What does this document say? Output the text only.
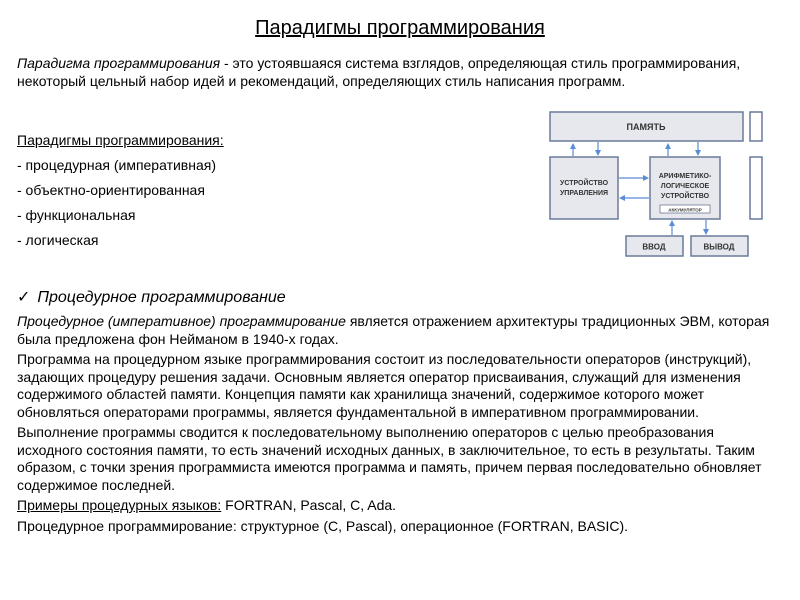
Парадигмы программирования
Парадигма программирования - это устоявшаяся система взглядов, определяющая стиль программирования, некоторый цельный набор идей и рекомендаций, определяющих стиль написания программ.
Парадигмы программирования:
- процедурная (императивная)
- объектно-ориентированная
- функциональная
- логическая
ПАМЯТЬ
УСТРОЙСТВО
УПРАВЛЕНИЯ
АРИФМЕТИКО-
ЛОГИЧЕСКОЕ
УСТРОЙСТВО
АККУМУЛЯТОР
ВВОД	ВЫВОД
✓ Процедурное программирование

Процедурное (императивное) программирование является отражением архитектуры традиционных ЭВМ, которая была предложена фон Нейманом в 1940-х годах.

Программа на процедурном языке программирования состоит из последовательности операторов (инструкций), задающих процедуру решения задачи. Основным является оператор присваивания, служащий для изменения содержимого областей памяти. Концепция памяти как хранилища значений, содержимое которого может обновляться операторами программы, является фундаментальной в императивном программировании.

Выполнение программы сводится к последовательному выполнению операторов с целью преобразования исходного состояния памяти, то есть значений исходных данных, в заключительное, то есть в результаты. Таким образом, с точки зрения программиста имеются программа и память, причем первая последовательно обновляет содержимое последней.

Примеры процедурных языков: FORTRAN, Pascal, C, Ada.

Процедурное программирование: структурное (C, Pascal), операционное (FORTRAN, BASIC).
